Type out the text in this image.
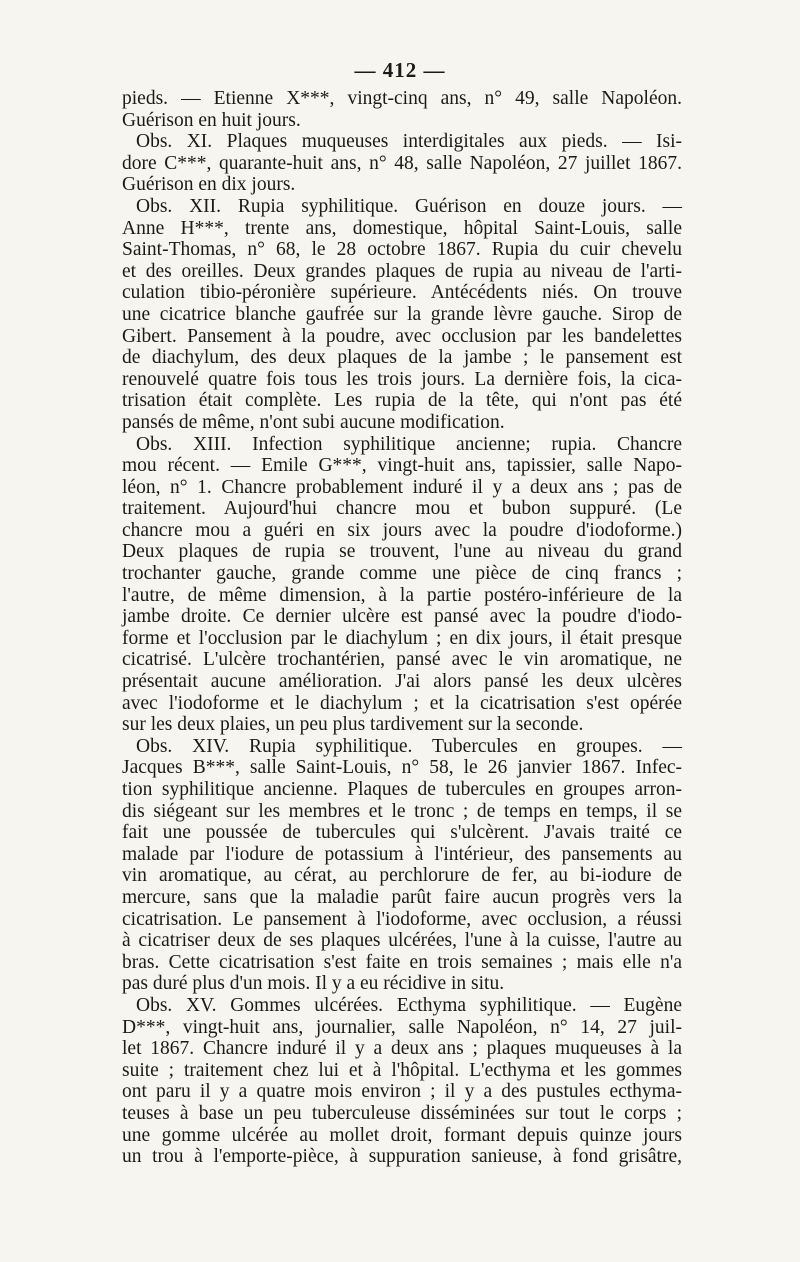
— 412 —
pieds. — Etienne X***, vingt-cinq ans, n° 49, salle Napoléon.
Guérison en huit jours.
Obs. XI. Plaques muqueuses interdigitales aux pieds. — Isi-
dore C***, quarante-huit ans, n° 48, salle Napoléon, 27 juillet 1867.
Guérison en dix jours.
Obs. XII. Rupia syphilitique. Guérison en douze jours. —
Anne H***, trente ans, domestique, hôpital Saint-Louis, salle
Saint-Thomas, n° 68, le 28 octobre 1867. Rupia du cuir chevelu
et des oreilles. Deux grandes plaques de rupia au niveau de l'arti-
culation tibio-péronière supérieure. Antécédents niés. On trouve
une cicatrice blanche gaufrée sur la grande lèvre gauche. Sirop de
Gibert. Pansement à la poudre, avec occlusion par les bandelettes
de diachylum, des deux plaques de la jambe ; le pansement est
renouvelé quatre fois tous les trois jours. La dernière fois, la cica-
trisation était complète. Les rupia de la tête, qui n'ont pas été
pansés de même, n'ont subi aucune modification.
Obs. XIII. Infection syphilitique ancienne; rupia. Chancre
mou récent. — Emile G***, vingt-huit ans, tapissier, salle Napo-
léon, n° 1. Chancre probablement induré il y a deux ans ; pas de
traitement. Aujourd'hui chancre mou et bubon suppuré. (Le
chancre mou a guéri en six jours avec la poudre d'iodoforme.)
Deux plaques de rupia se trouvent, l'une au niveau du grand
trochanter gauche, grande comme une pièce de cinq francs ;
l'autre, de même dimension, à la partie postéro-inférieure de la
jambe droite. Ce dernier ulcère est pansé avec la poudre d'iodo-
forme et l'occlusion par le diachylum ; en dix jours, il était presque
cicatrisé. L'ulcère trochantérien, pansé avec le vin aromatique, ne
présentait aucune amélioration. J'ai alors pansé les deux ulcères
avec l'iodoforme et le diachylum ; et la cicatrisation s'est opérée
sur les deux plaies, un peu plus tardivement sur la seconde.
Obs. XIV. Rupia syphilitique. Tubercules en groupes. —
Jacques B***, salle Saint-Louis, n° 58, le 26 janvier 1867. Infec-
tion syphilitique ancienne. Plaques de tubercules en groupes arron-
dis siégeant sur les membres et le tronc ; de temps en temps, il se
fait une poussée de tubercules qui s'ulcèrent. J'avais traité ce
malade par l'iodure de potassium à l'intérieur, des pansements au
vin aromatique, au cérat, au perchlorure de fer, au bi-iodure de
mercure, sans que la maladie parût faire aucun progrès vers la
cicatrisation. Le pansement à l'iodoforme, avec occlusion, a réussi
à cicatriser deux de ses plaques ulcérées, l'une à la cuisse, l'autre au
bras. Cette cicatrisation s'est faite en trois semaines ; mais elle n'a
pas duré plus d'un mois. Il y a eu récidive in situ.
Obs. XV. Gommes ulcérées. Ecthyma syphilitique. — Eugène
D***, vingt-huit ans, journalier, salle Napoléon, n° 14, 27 juil-
let 1867. Chancre induré il y a deux ans ; plaques muqueuses à la
suite ; traitement chez lui et à l'hôpital. L'ecthyma et les gommes
ont paru il y a quatre mois environ ; il y a des pustules ecthyma-
teuses à base un peu tuberculeuse disséminées sur tout le corps ;
une gomme ulcérée au mollet droit, formant depuis quinze jours
un trou à l'emporte-pièce, à suppuration sanieuse, à fond grisâtre,
